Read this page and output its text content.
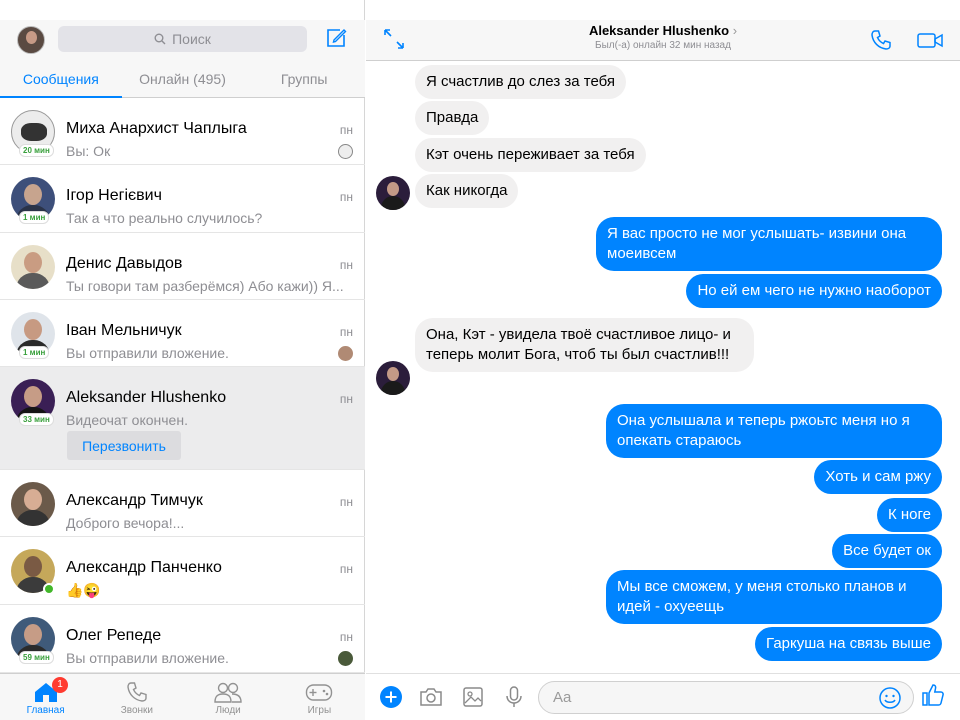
Поиск
Сообщения	Онлайн (495)	Группы
20 мин
Миха Анархист Чаплыга
Вы: Ок
пн
1 мин
Ігор Негієвич
Так а что реально случилось?
пн
Денис Давыдов
Ты говори там разберёмся) Або кажи)) Я...
пн
1 мин
Іван Мельничук
Вы отправили вложение.
пн
33 мин
Aleksander Hlushenko
Видеочат окончен.
пн
Перезвонить
Александр Тимчук
Доброго вечора!...
пн
Александр Панченко
👍😜
пн
59 мин
Олег Репеде
Вы отправили вложение.
пн
1
Главная	Звонки	Люди	Игры
Aleksander Hlushenko ›
Был(-а) онлайн 32 мин назад
Я счастлив до слез за тебя
Правда
Кэт очень переживает за тебя
Как никогда
Я вас просто не мог услышать- извини она моеивсем
Но ей ем чего не нужно наоборот
Она, Кэт - увидела твоё счастливое лицо- и теперь молит Бога, чтоб ты был счастлив!!!
Она услышала и теперь ржоьтс меня но я опекать стараюсь
Хоть и сам ржу
К ноге
Все будет ок
Мы все сможем, у меня столько планов и идей - охуеещь
Гаркуша на связь выше
Aa
